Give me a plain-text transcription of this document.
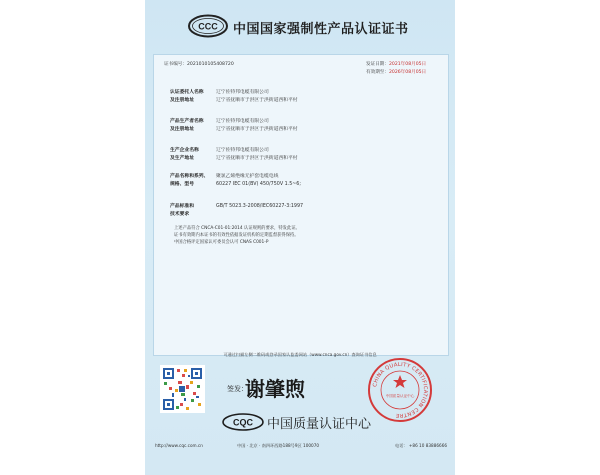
CCC 中国国家强制性产品认证证书
证书编号：2021010105408720	发证日期：2021年08月05日
有效期至：2026年08月05日
认证委托人名称	辽宁佐特邦电缆有限公司
及注册地址	辽宁省抚顺市于洪区于洪街道西和平村
产品生产者名称	辽宁佐特邦电缆有限公司
及注册地址	辽宁省抚顺市于洪区于洪街道西和平村
生产企业名称	辽宁佐特邦电缆有限公司
及生产地址	辽宁省抚顺市于洪区于洪街道西和平村
产品名称和系列、 聚氯乙烯绝缘无护套电缆电线
规格、型号	60227 IEC 01(BV) 450/750V 1.5~6;
产品标准和	GB/T 5023.3-2008/IEC60227-3:1997
技术要求
上述产品符合 CNCA-C01-01:2014 认证规则的要求，特发此证。
证书有效期内本证书的有效性依据发证机构的定期监督获得保持。
中国合格评定国家认可委员会认可 CNAS C001-P
可通过扫描左侧二维码或登录国家认监委网站（www.cnca.gov.cn）查询证书信息
签发：
谢肇煦	CHINA QUALITY CERTIFICATION CENTRE
中国质量认证中心
CQC 中国质量认证中心
http://www.cqc.com.cn	中国 · 北京 · 南四环西路188号9区 100070	电话： +86 10 83886666
